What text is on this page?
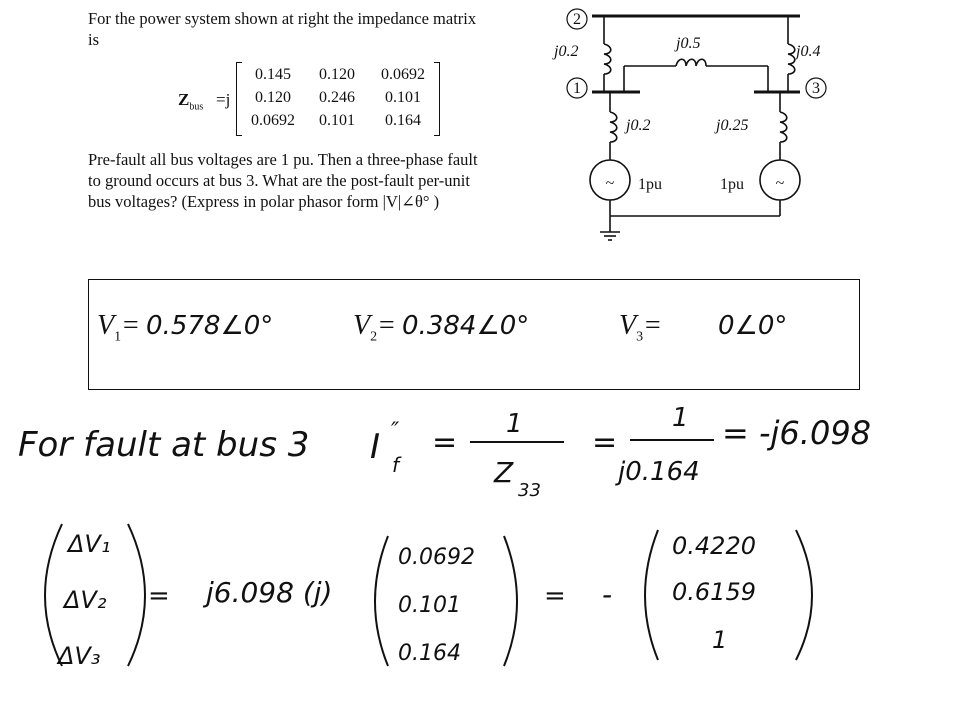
For the power system shown at right the impedance matrix
is
$Z_{bus} =j$
0.145	0.120	0.0692
0.120	0.246	0.101
0.0692	0.101	0.164
Pre-fault all bus voltages are 1 pu. Then a three-phase fault
to ground occurs at bus 3. What are the post-fault per-unit
bus voltages? (Express in polar phasor form |V|∠θ° )
2
1	3
j0.2	j0.5	j0.4
j0.2	j0.25
~	~
1pu	1pu
$V_1=$ 0.578∠0°	$V_2=$ 0.384∠0°	$V_3=$ 0∠0°
For fault at bus 3 I ″
f
=
1
Z
33
=
1
j0.164
= -j6.098
ΔV₁
ΔV₂
ΔV₃
= j6.098 (j)
0.0692
0.101
0.164
= -
0.4220
0.6159
1
